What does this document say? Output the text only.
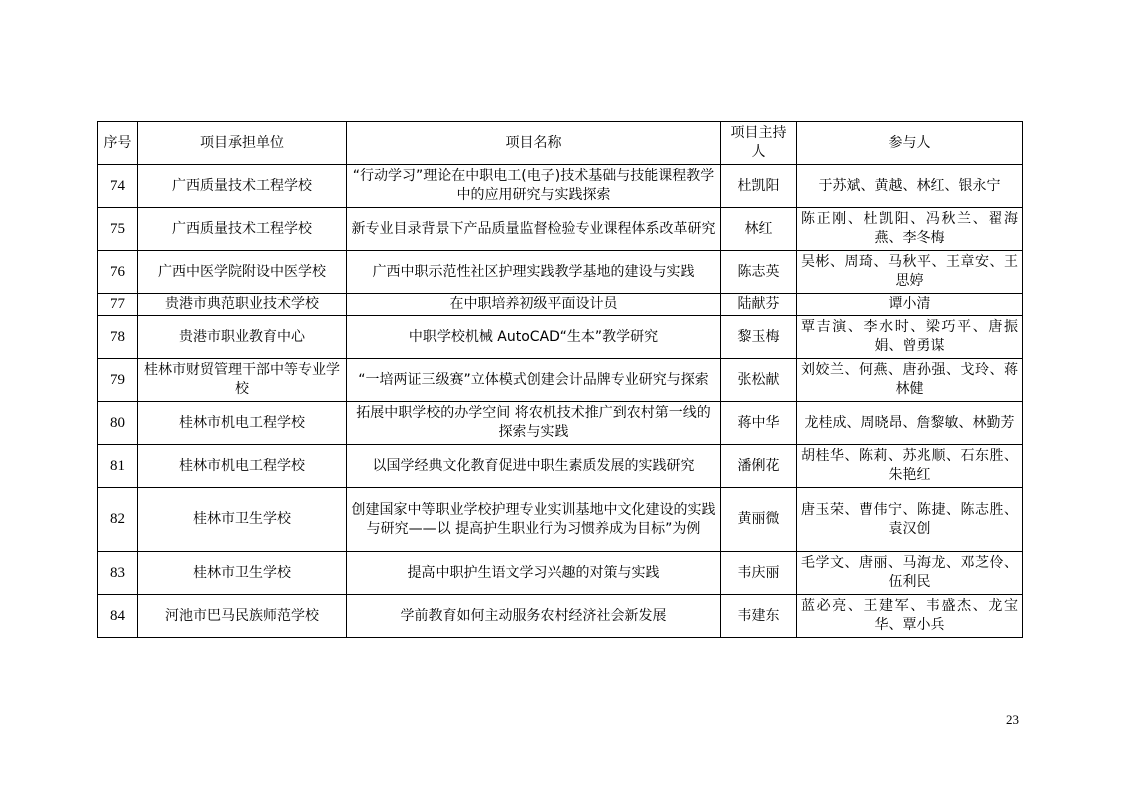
序号	项目承担单位	项目名称	项目主持人	参与人
74	广西质量技术工程学校	“行动学习”理论在中职电工(电子)技术基础与技能课程教学中的应用研究与实践探索	杜凯阳	于苏斌、黄越、林红、银永宁
75	广西质量技术工程学校	新专业目录背景下产品质量监督检验专业课程体系改革研究	林红	陈正刚、杜凯阳、冯秋兰、翟海燕、李冬梅
76	广西中医学院附设中医学校	广西中职示范性社区护理实践教学基地的建设与实践	陈志英	吴彬、周琦、马秋平、王章安、王思婷
77	贵港市典范职业技术学校	在中职培养初级平面设计员	陆献芬	谭小清
78	贵港市职业教育中心	中职学校机械 AutoCAD“生本”教学研究	黎玉梅	覃吉演、李水时、梁巧平、唐振娟、曾勇谋
79	桂林市财贸管理干部中等专业学校	“一培两证三级赛”立体模式创建会计品牌专业研究与探索	张松献	刘姣兰、何燕、唐孙强、戈玲、蒋林健
80	桂林市机电工程学校	拓展中职学校的办学空间 将农机技术推广到农村第一线的探索与实践	蒋中华	龙桂成、周晓昂、詹黎敏、林勤芳
81	桂林市机电工程学校	以国学经典文化教育促进中职生素质发展的实践研究	潘俐花	胡桂华、陈莉、苏兆顺、石东胜、朱艳红
82	桂林市卫生学校	创建国家中等职业学校护理专业实训基地中文化建设的实践与研究——以 提高护生职业行为习惯养成为目标”为例	黄丽微	唐玉荣、曹伟宁、陈捷、陈志胜、袁汉创
83	桂林市卫生学校	提高中职护生语文学习兴趣的对策与实践	韦庆丽	毛学文、唐丽、马海龙、邓芝伶、伍利民
84	河池市巴马民族师范学校	学前教育如何主动服务农村经济社会新发展	韦建东	蓝必亮、王建军、韦盛杰、龙宝华、覃小兵
23
